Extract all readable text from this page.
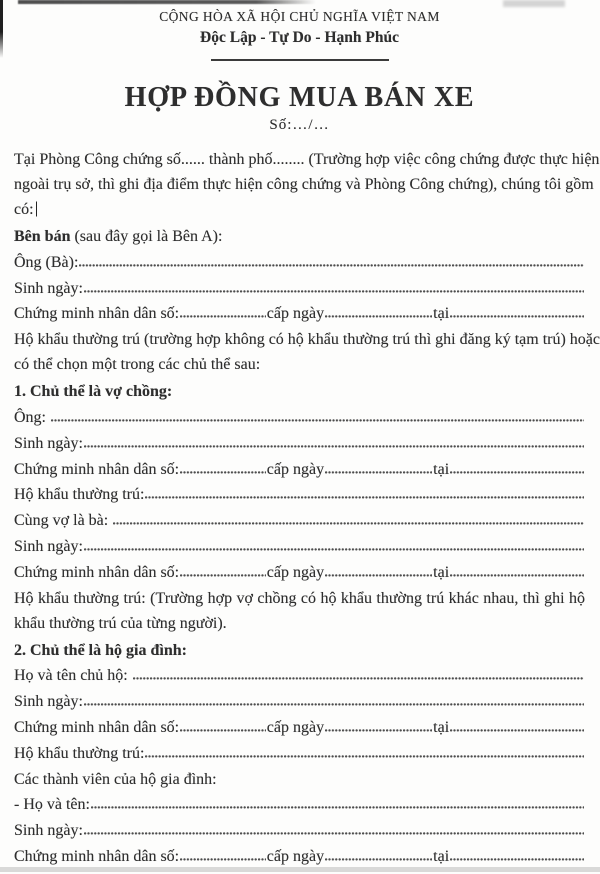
CỘNG HÒA XÃ HỘI CHỦ NGHĨA VIỆT NAM
Độc Lập - Tự Do - Hạnh Phúc
HỢP ĐỒNG MUA BÁN XE
Số:…/…
Tại Phòng Công chứng số...... thành phố........ (Trường hợp việc công chứng được thực hiện
ngoài trụ sở, thì ghi địa điểm thực hiện công chứng và Phòng Công chứng), chúng tôi gồm
có:
Bên bán (sau đây gọi là Bên A):
Ông (Bà):
Sinh ngày:
Chứng minh nhân dân số:	cấp ngày	tại
Hộ khẩu thường trú (trường hợp không có hộ khẩu thường trú thì ghi đăng ký tạm trú) hoặc
có thể chọn một trong các chủ thể sau:
1. Chủ thể là vợ chồng:
Ông:
Sinh ngày:
Chứng minh nhân dân số:	cấp ngày	tại
Hộ khẩu thường trú:
Cùng vợ là bà:
Sinh ngày:
Chứng minh nhân dân số:	cấp ngày	tại
Hộ khẩu thường trú: (Trường hợp vợ chồng có hộ khẩu thường trú khác nhau, thì ghi hộ
khẩu thường trú của từng người).
2. Chủ thể là hộ gia đình:
Họ và tên chủ hộ:
Sinh ngày:
Chứng minh nhân dân số:	cấp ngày	tại
Hộ khẩu thường trú:
Các thành viên của hộ gia đình:
- Họ và tên:
Sinh ngày:
Chứng minh nhân dân số:	cấp ngày	tại
